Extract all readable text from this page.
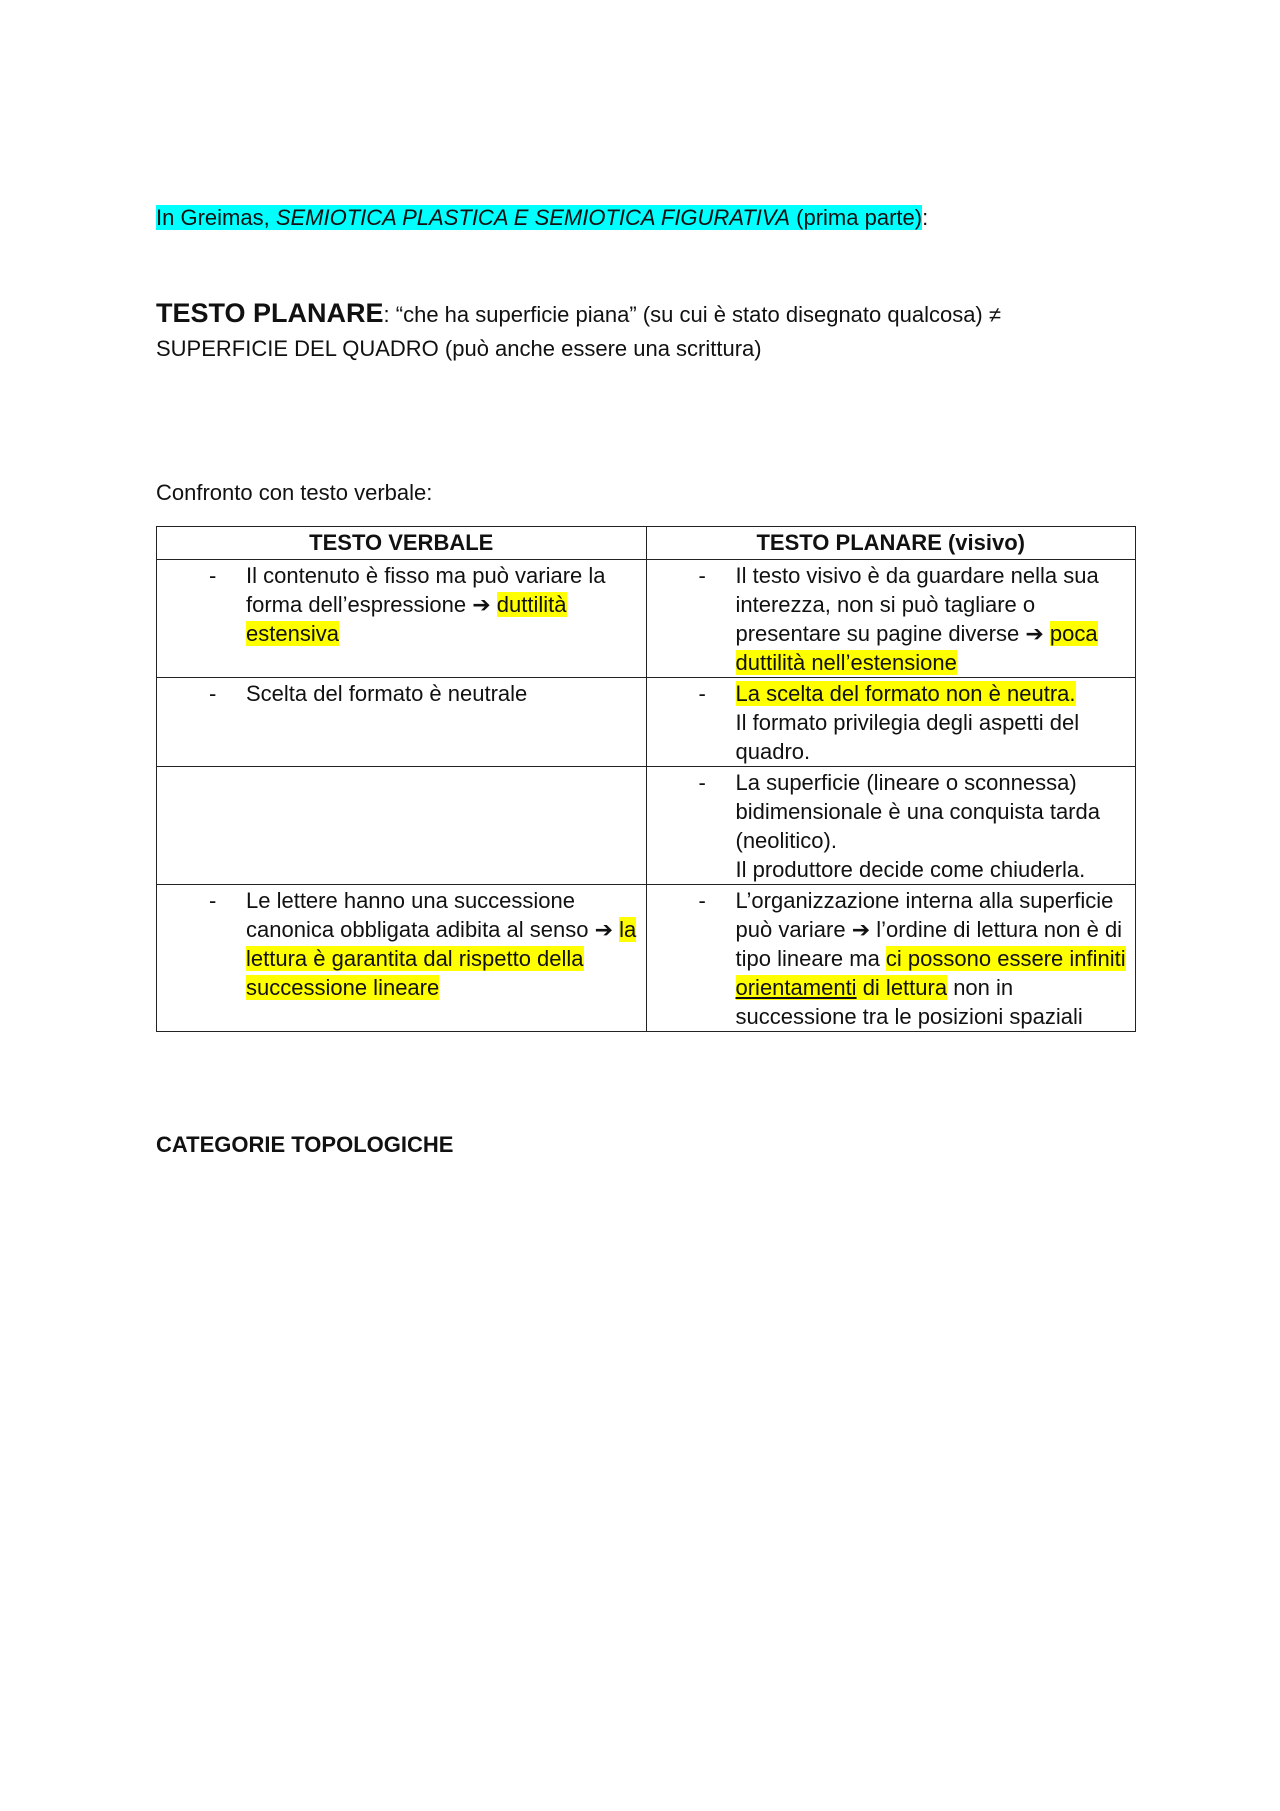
In Greimas, SEMIOTICA PLASTICA E SEMIOTICA FIGURATIVA (prima parte):
TESTO PLANARE: “che ha superficie piana” (su cui è stato disegnato qualcosa) ≠ SUPERFICIE DEL QUADRO (può anche essere una scrittura)
Confronto con testo verbale:
TESTO VERBALE	TESTO PLANARE (visivo)

- Il contenuto è fisso ma può variare la forma dell’espressione ➔ duttilità estensiva	- Il testo visivo è da guardare nella sua interezza, non si può tagliare o presentare su pagine diverse ➔ poca duttilità nell’estensione

- Scelta del formato è neutrale	- La scelta del formato non è neutra.
Il formato privilegia degli aspetti del quadro.

	- La superficie (lineare o sconnessa) bidimensionale è una conquista tarda (neolitico).
Il produttore decide come chiuderla.

- Le lettere hanno una successione canonica obbligata adibita al senso ➔ la lettura è garantita dal rispetto della successione lineare	- L’organizzazione interna alla superficie può variare ➔ l’ordine di lettura non è di tipo lineare ma ci possono essere infiniti orientamenti di lettura non in successione tra le posizioni spaziali
CATEGORIE TOPOLOGICHE
